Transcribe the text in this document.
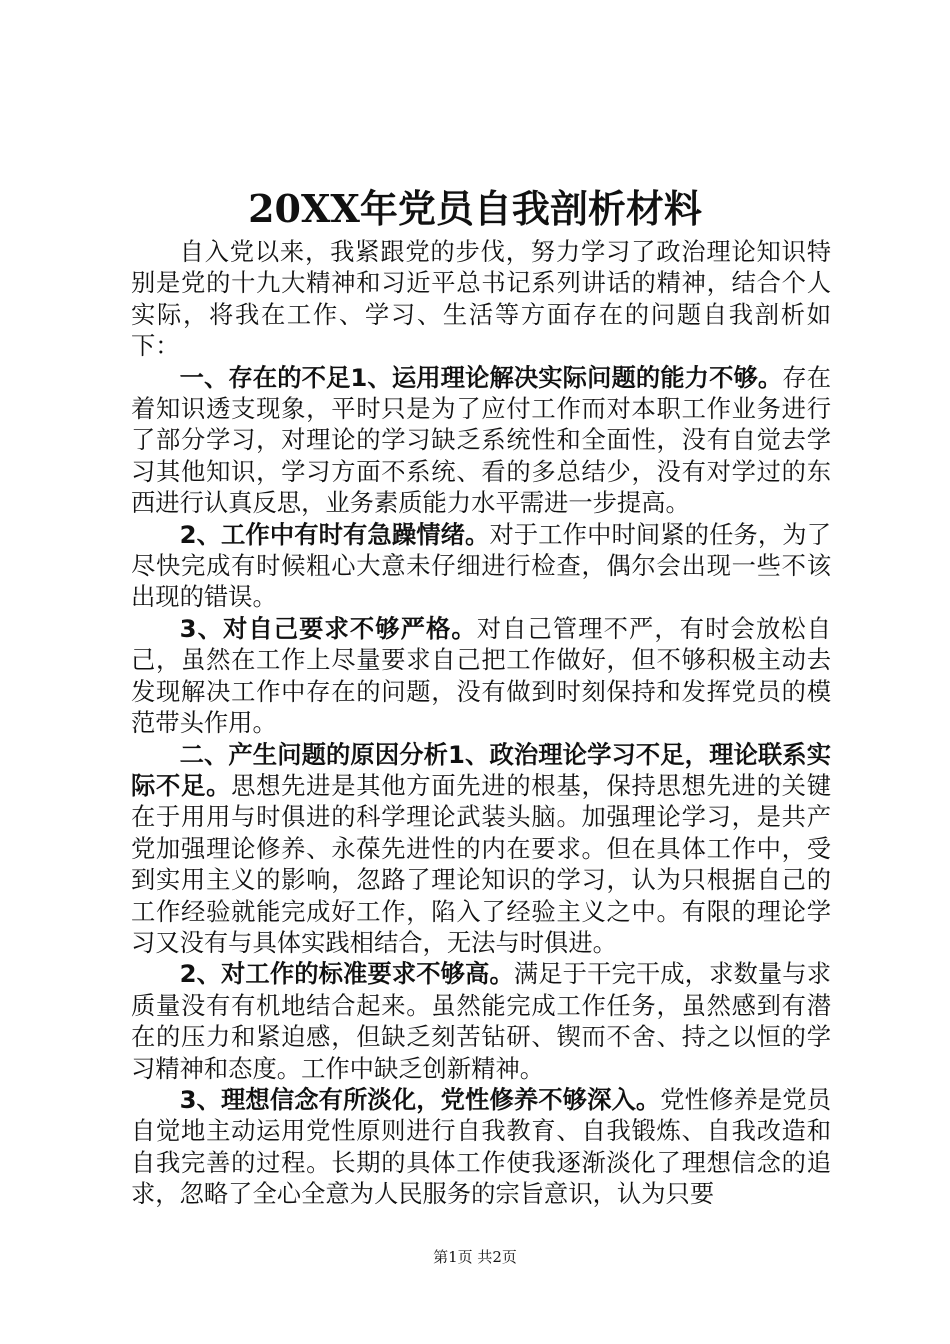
20XX年党员自我剖析材料

自入党以来，我紧跟党的步伐，努力学习了政治理论知识特别是党的十九大精神和习近平总书记系列讲话的精神，结合个人实际，将我在工作、学习、生活等方面存在的问题自我剖析如下：

一、存在的不足1、运用理论解决实际问题的能力不够。存在着知识透支现象，平时只是为了应付工作而对本职工作业务进行了部分学习，对理论的学习缺乏系统性和全面性，没有自觉去学习其他知识，学习方面不系统、看的多总结少，没有对学过的东西进行认真反思，业务素质能力水平需进一步提高。

2、工作中有时有急躁情绪。对于工作中时间紧的任务，为了尽快完成有时候粗心大意未仔细进行检查，偶尔会出现一些不该出现的错误。

3、对自己要求不够严格。对自己管理不严，有时会放松自己，虽然在工作上尽量要求自己把工作做好，但不够积极主动去发现解决工作中存在的问题，没有做到时刻保持和发挥党员的模范带头作用。

二、产生问题的原因分析1、政治理论学习不足，理论联系实际不足。思想先进是其他方面先进的根基，保持思想先进的关键在于用用与时俱进的科学理论武装头脑。加强理论学习，是共产党加强理论修养、永葆先进性的内在要求。但在具体工作中，受到实用主义的影响，忽路了理论知识的学习，认为只根据自己的工作经验就能完成好工作，陷入了经验主义之中。有限的理论学习又没有与具体实践相结合，无法与时俱进。

2、对工作的标准要求不够高。满足于干完干成，求数量与求质量没有有机地结合起来。虽然能完成工作任务，虽然感到有潜在的压力和紧迫感，但缺乏刻苦钻研、锲而不舍、持之以恒的学习精神和态度。工作中缺乏创新精神。

3、理想信念有所淡化，党性修养不够深入。党性修养是党员自觉地主动运用党性原则进行自我教育、自我锻炼、自我改造和自我完善的过程。长期的具体工作使我逐渐淡化了理想信念的追求，忽略了全心全意为人民服务的宗旨意识，认为只要

第1页 共2页
